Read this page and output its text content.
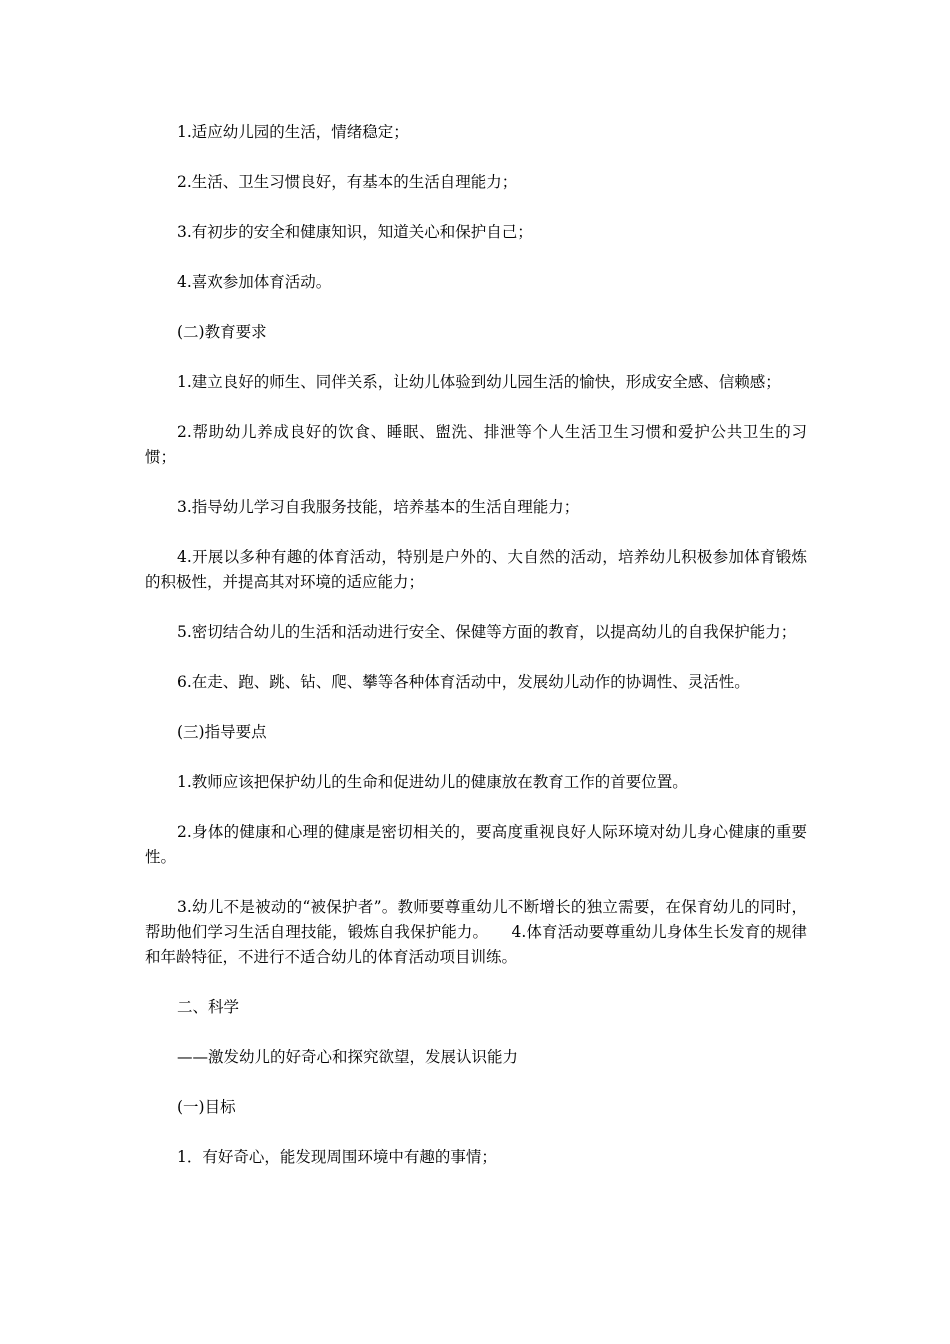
1.适应幼儿园的生活，情绪稳定；

2.生活、卫生习惯良好，有基本的生活自理能力；

3.有初步的安全和健康知识，知道关心和保护自己；

4.喜欢参加体育活动。

(二)教育要求

1.建立良好的师生、同伴关系，让幼儿体验到幼儿园生活的愉快，形成安全感、信赖感；

2.帮助幼儿养成良好的饮食、睡眠、盥洗、排泄等个人生活卫生习惯和爱护公共卫生的习惯；

3.指导幼儿学习自我服务技能，培养基本的生活自理能力；

4.开展以多种有趣的体育活动，特别是户外的、大自然的活动，培养幼儿积极参加体育锻炼的积极性，并提高其对环境的适应能力；

5.密切结合幼儿的生活和活动进行安全、保健等方面的教育，以提高幼儿的自我保护能力；

6.在走、跑、跳、钻、爬、攀等各种体育活动中，发展幼儿动作的协调性、灵活性。

(三)指导要点

1.教师应该把保护幼儿的生命和促进幼儿的健康放在教育工作的首要位置。

2.身体的健康和心理的健康是密切相关的，要高度重视良好人际环境对幼儿身心健康的重要性。

3.幼儿不是被动的“被保护者”。教师要尊重幼儿不断增长的独立需要，在保育幼儿的同时，帮助他们学习生活自理技能，锻炼自我保护能力。　　4.体育活动要尊重幼儿身体生长发育的规律和年龄特征，不进行不适合幼儿的体育活动项目训练。

二、科学

——激发幼儿的好奇心和探究欲望，发展认识能力

(一)目标

1．有好奇心，能发现周围环境中有趣的事情；
